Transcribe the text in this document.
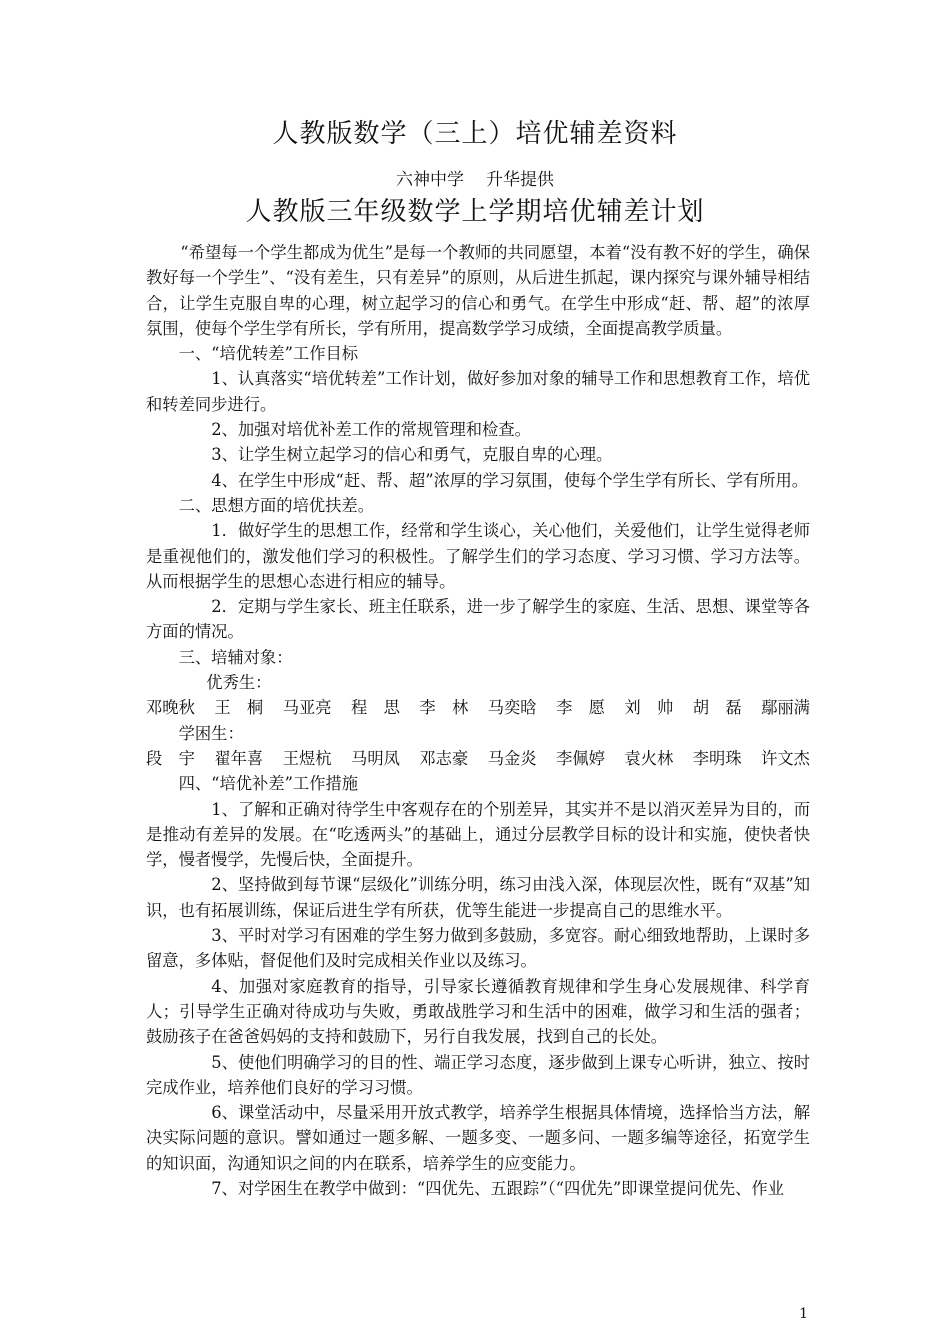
人教版数学（三上）培优辅差资料
六神中学 升华提供
人教版三年级数学上学期培优辅差计划

“希望每一个学生都成为优生”是每一个教师的共同愿望，本着“没有教不好的学生，确保教好每一个学生”、“没有差生，只有差异”的原则，从后进生抓起，课内探究与课外辅导相结合，让学生克服自卑的心理，树立起学习的信心和勇气。在学生中形成“赶、帮、超”的浓厚氛围，使每个学生学有所长，学有所用，提高数学学习成绩，全面提高教学质量。

一、“培优转差”工作目标

1、认真落实“培优转差”工作计划，做好参加对象的辅导工作和思想教育工作，培优和转差同步进行。

2、加强对培优补差工作的常规管理和检查。

3、让学生树立起学习的信心和勇气，克服自卑的心理。

4、在学生中形成“赶、帮、超”浓厚的学习氛围，使每个学生学有所长、学有所用。

二、思想方面的培优扶差。

1．做好学生的思想工作，经常和学生谈心，关心他们，关爱他们，让学生觉得老师是重视他们的，激发他们学习的积极性。了解学生们的学习态度、学习习惯、学习方法等。从而根据学生的思想心态进行相应的辅导。

2．定期与学生家长、班主任联系，进一步了解学生的家庭、生活、思想、课堂等各方面的情况。

三、培辅对象：

优秀生：

邓晚秋 王　桐 马亚亮 程　思 李　林 马奕晗 李　愿 刘　帅 胡　磊 鄢丽满

学困生：

段　宇 翟年喜 王煜杭 马明凤 邓志豪 马金炎 李佩婷 袁火林 李明珠 许文杰

四、“培优补差”工作措施

1、了解和正确对待学生中客观存在的个别差异，其实并不是以消灭差异为目的，而是推动有差异的发展。在“吃透两头”的基础上，通过分层教学目标的设计和实施，使快者快学，慢者慢学，先慢后快，全面提升。

2、坚持做到每节课“层级化”训练分明，练习由浅入深，体现层次性，既有“双基”知识，也有拓展训练，保证后进生学有所获，优等生能进一步提高自己的思维水平。

3、平时对学习有困难的学生努力做到多鼓励，多宽容。耐心细致地帮助，上课时多留意，多体贴，督促他们及时完成相关作业以及练习。

4、加强对家庭教育的指导，引导家长遵循教育规律和学生身心发展规律、科学育人；引导学生正确对待成功与失败，勇敢战胜学习和生活中的困难，做学习和生活的强者；鼓励孩子在爸爸妈妈的支持和鼓励下，另行自我发展，找到自己的长处。

5、使他们明确学习的目的性、端正学习态度，逐步做到上课专心听讲，独立、按时完成作业，培养他们良好的学习习惯。

6、课堂活动中，尽量采用开放式教学，培养学生根据具体情境，选择恰当方法，解决实际问题的意识。譬如通过一题多解、一题多变、一题多问、一题多编等途径，拓宽学生的知识面，沟通知识之间的内在联系，培养学生的应变能力。

7、对学困生在教学中做到：“四优先、五跟踪”（“四优先”即课堂提问优先、作业

1
